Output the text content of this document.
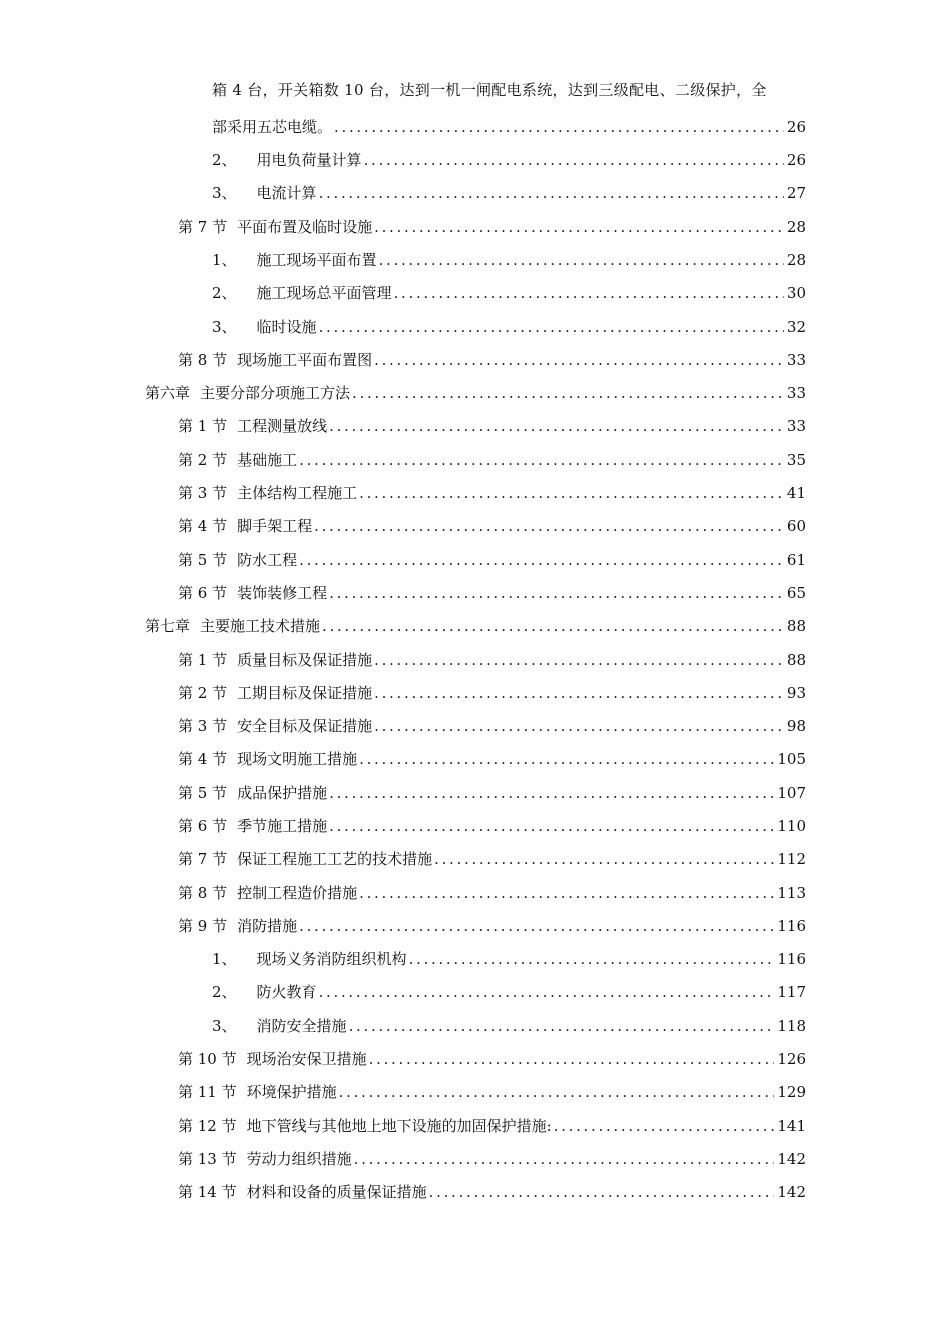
箱 4 台，开关箱数 10 台，达到一机一闸配电系统，达到三级配电、二级保护，全
部采用五芯电缆。 .....	26
2、 用电负荷量计算 .....	26
3、 电流计算 .....	27
第 7 节 平面布置及临时设施 .....	28
1、 施工现场平面布置 .....	28
2、 施工现场总平面管理 .....	30
3、 临时设施 .....	32
第 8 节 现场施工平面布置图 .....	33
第六章 主要分部分项施工方法 .....	33
第 1 节 工程测量放线 .....	33
第 2 节 基础施工 .....	35
第 3 节 主体结构工程施工 .....	41
第 4 节 脚手架工程 .....	60
第 5 节 防水工程 .....	61
第 6 节 装饰装修工程 .....	65
第七章 主要施工技术措施 .....	88
第 1 节 质量目标及保证措施 .....	88
第 2 节 工期目标及保证措施 .....	93
第 3 节 安全目标及保证措施 .....	98
第 4 节 现场文明施工措施 .....	105
第 5 节 成品保护措施 .....	107
第 6 节 季节施工措施 .....	110
第 7 节 保证工程施工工艺的技术措施 .....	112
第 8 节 控制工程造价措施 .....	113
第 9 节 消防措施 .....	116
1、 现场义务消防组织机构 .....	116
2、 防火教育 .....	117
3、 消防安全措施 .....	118
第 10 节 现场治安保卫措施 .....	126
第 11 节 环境保护措施 .....	129
第 12 节 地下管线与其他地上地下设施的加固保护措施: .....	141
第 13 节 劳动力组织措施 .....	142
第 14 节 材料和设备的质量保证措施 .....	142
